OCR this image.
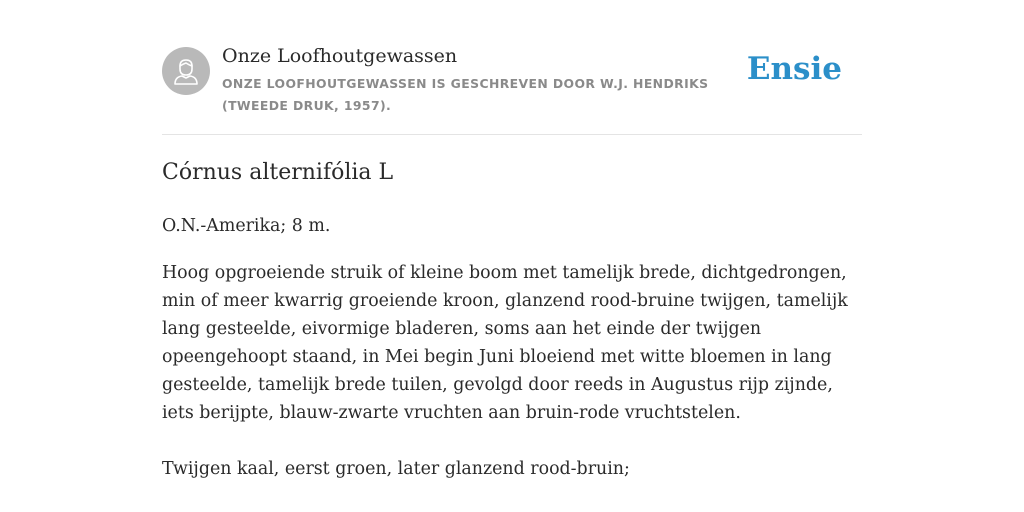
Onze Loofhoutgewassen
ONZE LOOFHOUTGEWASSEN IS GESCHREVEN DOOR W.J. HENDRIKS (TWEEDE DRUK, 1957).
Ensie
Córnus alternifólia L
O.N.-Amerika; 8 m.
Hoog opgroeiende struik of kleine boom met tamelijk brede, dichtgedrongen, min of meer kwarrig groeiende kroon, glanzend rood-bruine twijgen, tamelijk lang gesteelde, eivormige bladeren, soms aan het einde der twijgen opeengehoopt staand, in Mei begin Juni bloeiend met witte bloemen in lang gesteelde, tamelijk brede tuilen, gevolgd door reeds in Augustus rijp zijnde, iets berijpte, blauw-zwarte vruchten aan bruin-rode vruchtstelen.
Twijgen kaal, eerst groen, later glanzend rood-bruin;
